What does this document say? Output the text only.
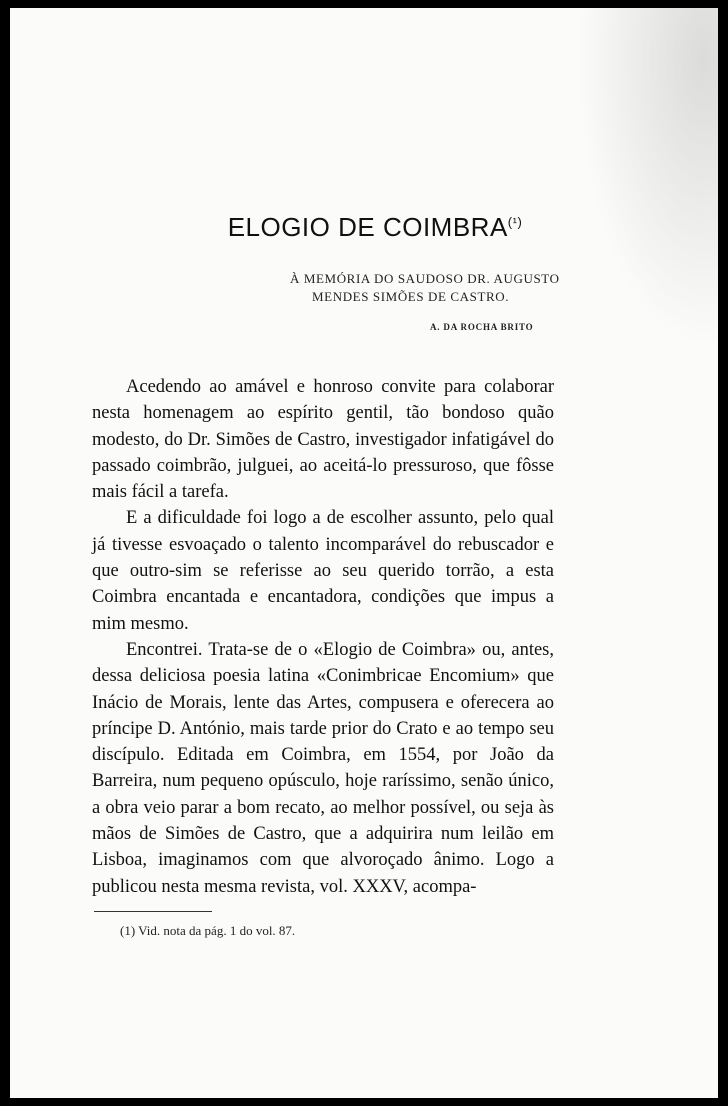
ELOGIO DE $COIMBRA^{(^1)}$
À MEMÓRIA DO SAUDOSO DR. AUGUSTO
MENDES SIMÕES DE CASTRO.
A. DA ROCHA BRITO

Acedendo ao amável e honroso convite para colaborar nesta homenagem ao espírito gentil, tão bondoso quão modesto, do Dr. Simões de Castro, investigador infatigável do passado coimbrão, julguei, ao aceitá-lo pressuroso, que fôsse mais fácil a tarefa.

E a dificuldade foi logo a de escolher assunto, pelo qual já tivesse esvoaçado o talento incomparável do rebuscador e que outro-sim se referisse ao seu querido torrão, a esta Coimbra encantada e encantadora, condições que impus a mim mesmo.

Encontrei. Trata-se de o «Elogio de Coimbra» ou, antes, dessa deliciosa poesia latina «Conimbricae Encomium» que Inácio de Morais, lente das Artes, compusera e oferecera ao príncipe D. António, mais tarde prior do Crato e ao tempo seu discípulo. Editada em Coimbra, em 1554, por João da Barreira, num pequeno opúsculo, hoje raríssimo, senão único, a obra veio parar a bom recato, ao melhor possível, ou seja às mãos de Simões de Castro, que a adquirira num leilão em Lisboa, imaginamos com que alvoroçado ânimo. Logo a publicou nesta mesma revista, vol. XXXV, acompa-

(1) Vid. nota da pág. 1 do vol. 87.
